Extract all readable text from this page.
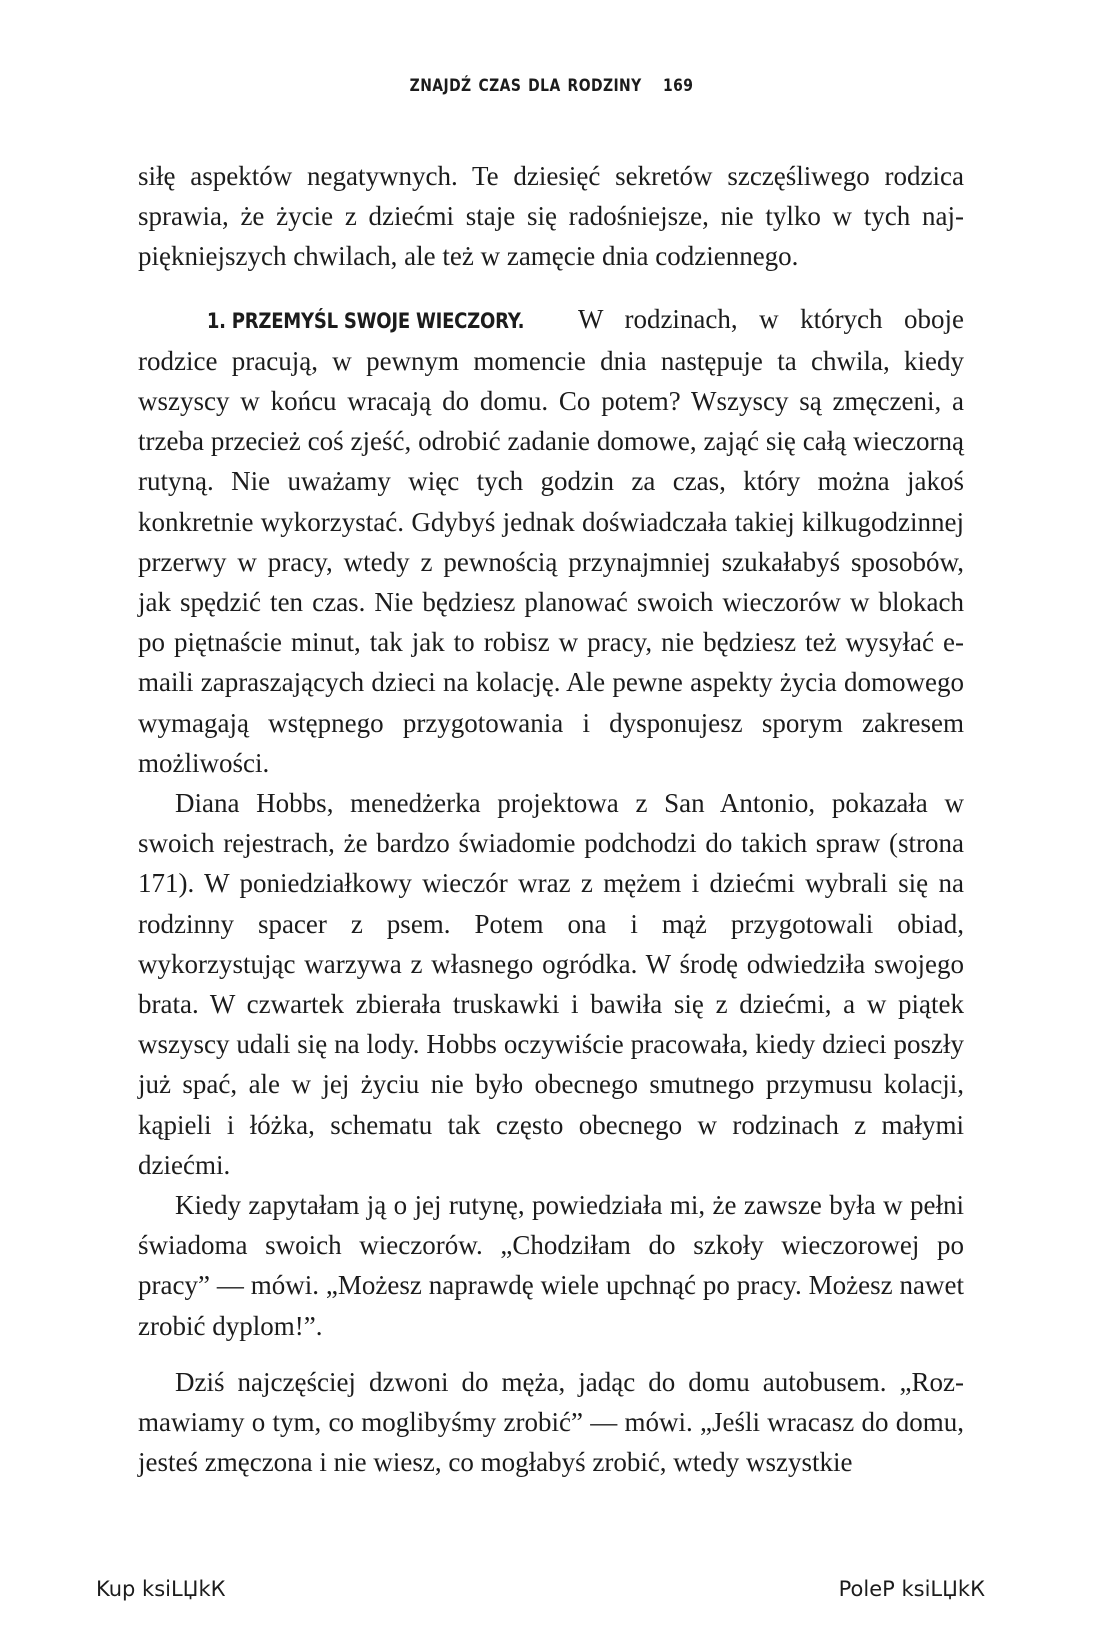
ZNAJDŹ CZAS DLA RODZINY 169

siłę aspektów negatywnych. Te dziesięć sekretów szczęśliwego rodzica sprawia, że życie z dziećmi staje się radośniejsze, nie tylko w tych najpiękniejszych chwilach, ale też w zamęcie dnia codziennego.

1. PRZEMYŚL SWOJE WIECZORY. W rodzinach, w których oboje rodzice pracują, w pewnym momencie dnia następuje ta chwila, kiedy wszyscy w końcu wracają do domu. Co potem? Wszyscy są zmęczeni, a trzeba przecież coś zjeść, odrobić zadanie domowe, zająć się całą wieczorną rutyną. Nie uważamy więc tych godzin za czas, który można jakoś konkretnie wykorzystać. Gdybyś jednak doświadczała takiej kilkugodzinnej przerwy w pracy, wtedy z pewnością przynajmniej szukałabyś sposobów, jak spędzić ten czas. Nie będziesz planować swoich wieczorów w blokach po piętnaście minut, tak jak to robisz w pracy, nie będziesz też wysyłać e-maili zapraszających dzieci na kolację. Ale pewne aspekty życia domowego wymagają wstępnego przygotowania i dysponujesz sporym zakresem możliwości.

Diana Hobbs, menedżerka projektowa z San Antonio, pokazała w swoich rejestrach, że bardzo świadomie podchodzi do takich spraw (strona 171). W poniedziałkowy wieczór wraz z mężem i dziećmi wybrali się na rodzinny spacer z psem. Potem ona i mąż przygotowali obiad, wykorzystując warzywa z własnego ogródka. W środę odwiedziła swojego brata. W czwartek zbierała truskawki i bawiła się z dziećmi, a w piątek wszyscy udali się na lody. Hobbs oczywiście pracowała, kiedy dzieci poszły już spać, ale w jej życiu nie było obecnego smutnego przymusu kolacji, kąpieli i łóżka, schematu tak często obecnego w rodzinach z małymi dziećmi.

Kiedy zapytałam ją o jej rutynę, powiedziała mi, że zawsze była w pełni świadoma swoich wieczorów. „Chodziłam do szkoły wieczorowej po pracy” — mówi. „Możesz naprawdę wiele upchnąć po pracy. Możesz nawet zrobić dyplom!”.

Dziś najczęściej dzwoni do męża, jadąc do domu autobusem. „Rozmawiamy o tym, co moglibyśmy zrobić” — mówi. „Jeśli wracasz do domu, jesteś zmęczona i nie wiesz, co mogłabyś zrobić, wtedy wszystkie

Kup ksiLЏkК	PoleР ksiLЏkК
